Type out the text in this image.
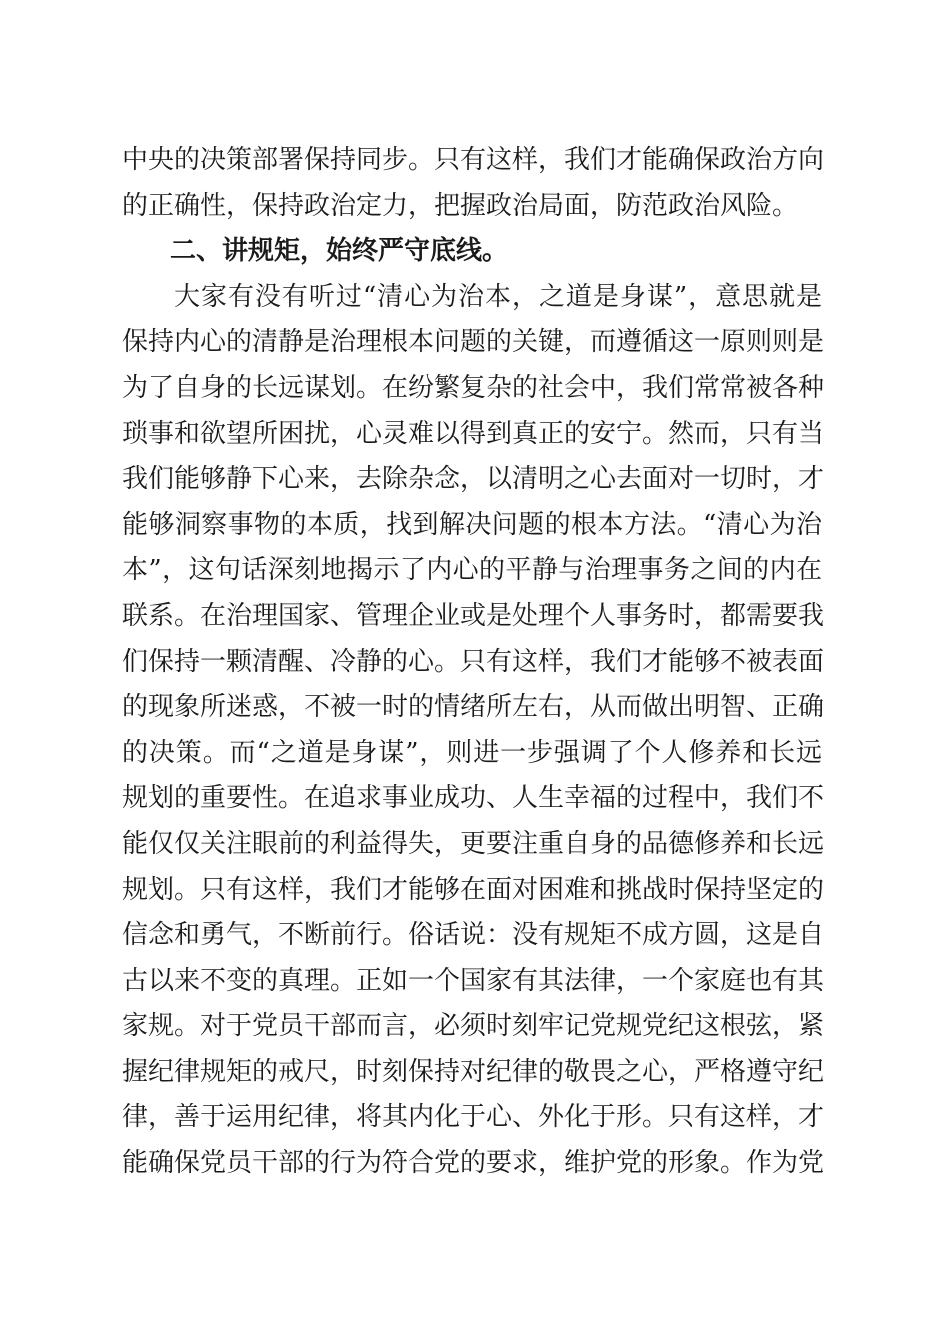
中央的决策部署保持同步。只有这样，我们才能确保政治方向
的正确性，保持政治定力，把握政治局面，防范政治风险。
二、讲规矩，始终严守底线。
大家有没有听过“清心为治本，之道是身谋”，意思就是
保持内心的清静是治理根本问题的关键，而遵循这一原则则是
为了自身的长远谋划。在纷繁复杂的社会中，我们常常被各种
琐事和欲望所困扰，心灵难以得到真正的安宁。然而，只有当
我们能够静下心来，去除杂念，以清明之心去面对一切时，才
能够洞察事物的本质，找到解决问题的根本方法。“清心为治
本”，这句话深刻地揭示了内心的平静与治理事务之间的内在
联系。在治理国家、管理企业或是处理个人事务时，都需要我
们保持一颗清醒、冷静的心。只有这样，我们才能够不被表面
的现象所迷惑，不被一时的情绪所左右，从而做出明智、正确
的决策。而“之道是身谋”，则进一步强调了个人修养和长远
规划的重要性。在追求事业成功、人生幸福的过程中，我们不
能仅仅关注眼前的利益得失，更要注重自身的品德修养和长远
规划。只有这样，我们才能够在面对困难和挑战时保持坚定的
信念和勇气，不断前行。俗话说：没有规矩不成方圆，这是自
古以来不变的真理。正如一个国家有其法律，一个家庭也有其
家规。对于党员干部而言，必须时刻牢记党规党纪这根弦，紧
握纪律规矩的戒尺，时刻保持对纪律的敬畏之心，严格遵守纪
律，善于运用纪律，将其内化于心、外化于形。只有这样，才
能确保党员干部的行为符合党的要求，维护党的形象。作为党
